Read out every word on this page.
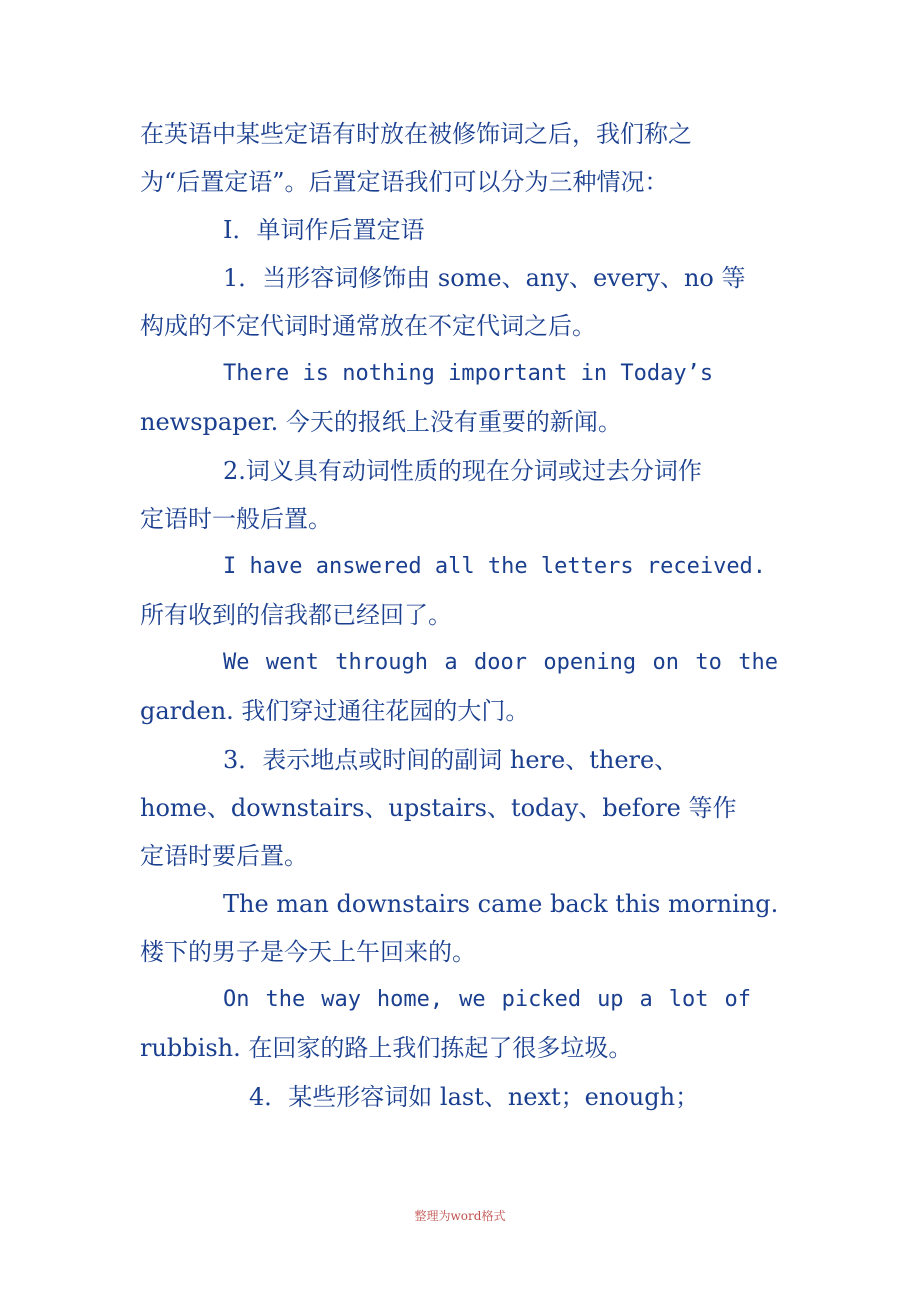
在英语中某些定语有时放在被修饰词之后，我们称之
为“后置定语”。后置定语我们可以分为三种情况：
I．单词作后置定语
1．当形容词修饰由 some、any、every、no 等
构成的不定代词时通常放在不定代词之后。
There is nothing important in Today’s
newspaper. 今天的报纸上没有重要的新闻。
2.词义具有动词性质的现在分词或过去分词作
定语时一般后置。
I have answered all the letters received.
所有收到的信我都已经回了。
We went through a door opening on to the
garden. 我们穿过通往花园的大门。
3．表示地点或时间的副词 here、there、
home、downstairs、upstairs、today、before 等作
定语时要后置。
The man downstairs came back this morning.
楼下的男子是今天上午回来的。
On the way home, we picked up a lot of
rubbish. 在回家的路上我们拣起了很多垃圾。
4．某些形容词如 last、next；enough；
整理为word格式
